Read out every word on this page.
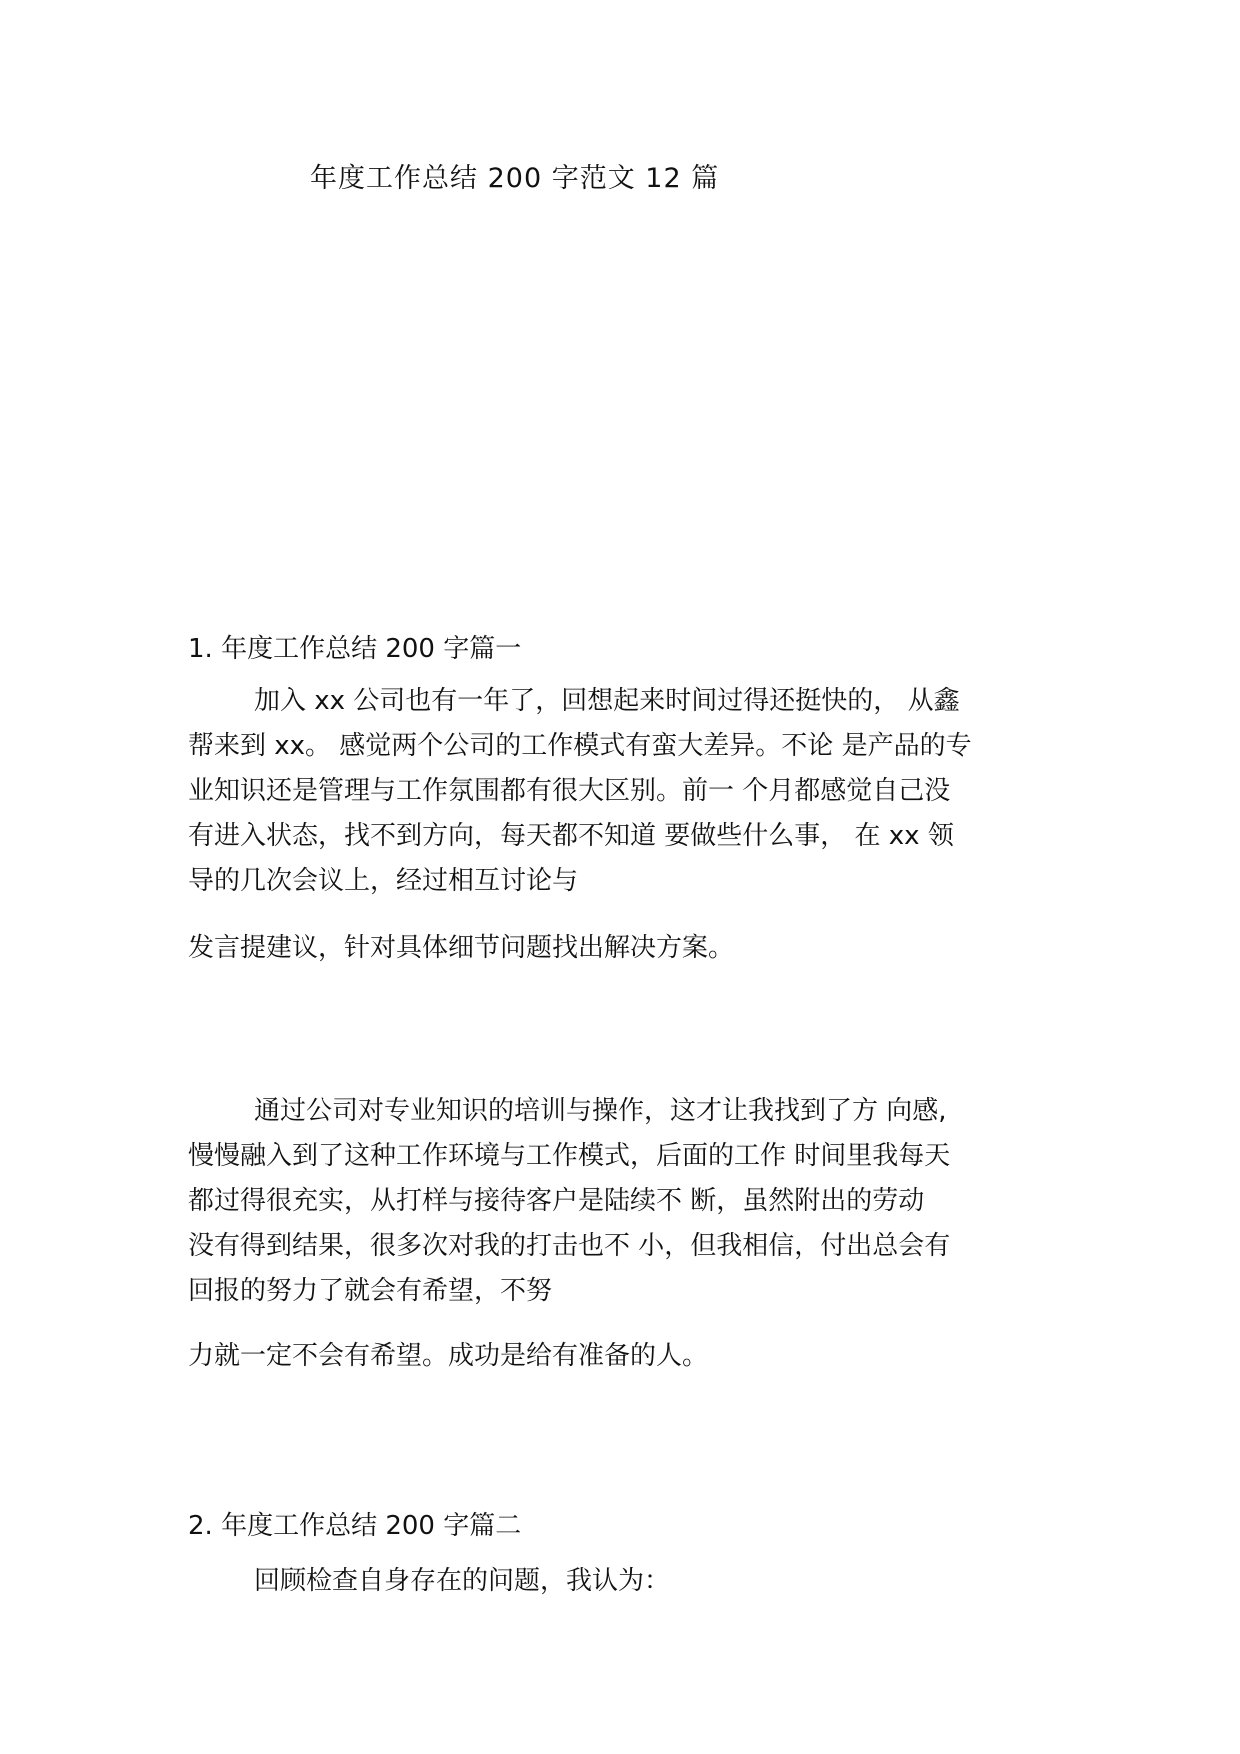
年度工作总结 200 字范文 12 篇
1. 年度工作总结 200 字篇一

加入 xx 公司也有一年了，回想起来时间过得还挺快的， 从鑫

帮来到 xx。 感觉两个公司的工作模式有蛮大差异。不论 是产品的专

业知识还是管理与工作氛围都有很大区别。前一 个月都感觉自己没

有进入状态，找不到方向，每天都不知道 要做些什么事， 在 xx 领

导的几次会议上，经过相互讨论与

发言提建议，针对具体细节问题找出解决方案。

通过公司对专业知识的培训与操作，这才让我找到了方 向感,

慢慢融入到了这种工作环境与工作模式，后面的工作 时间里我每天

都过得很充实，从打样与接待客户是陆续不 断，虽然附出的劳动

没有得到结果，很多次对我的打击也不 小，但我相信，付出总会有

回报的努力了就会有希望，不努

力就一定不会有希望。成功是给有准备的人。

2. 年度工作总结 200 字篇二

回顾检查自身存在的问题，我认为：
